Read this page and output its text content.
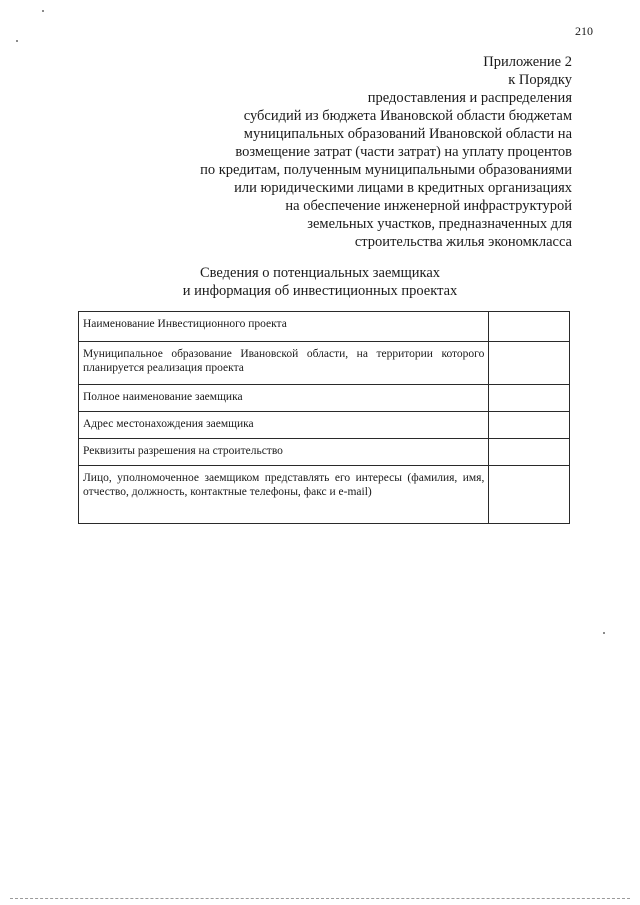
210
Приложение 2
к Порядку
предоставления и распределения
субсидий из бюджета Ивановской области бюджетам
муниципальных образований Ивановской области на
возмещение затрат (части затрат) на уплату процентов
по кредитам, полученным муниципальными образованиями
или юридическими лицами в кредитных организациях
на обеспечение инженерной инфраструктурой
земельных участков, предназначенных для
строительства жилья экономкласса
Сведения о потенциальных заемщиках
и информация об инвестиционных проектах
Наименование Инвестиционного проекта	
Муниципальное образование Ивановской области, на территории которого планируется реализация проекта	
Полное наименование заемщика	
Адрес местонахождения заемщика	
Реквизиты разрешения на строительство	
Лицо, уполномоченное заемщиком представлять его интересы (фамилия, имя, отчество, должность, контактные телефоны, факс и e-mail)	
